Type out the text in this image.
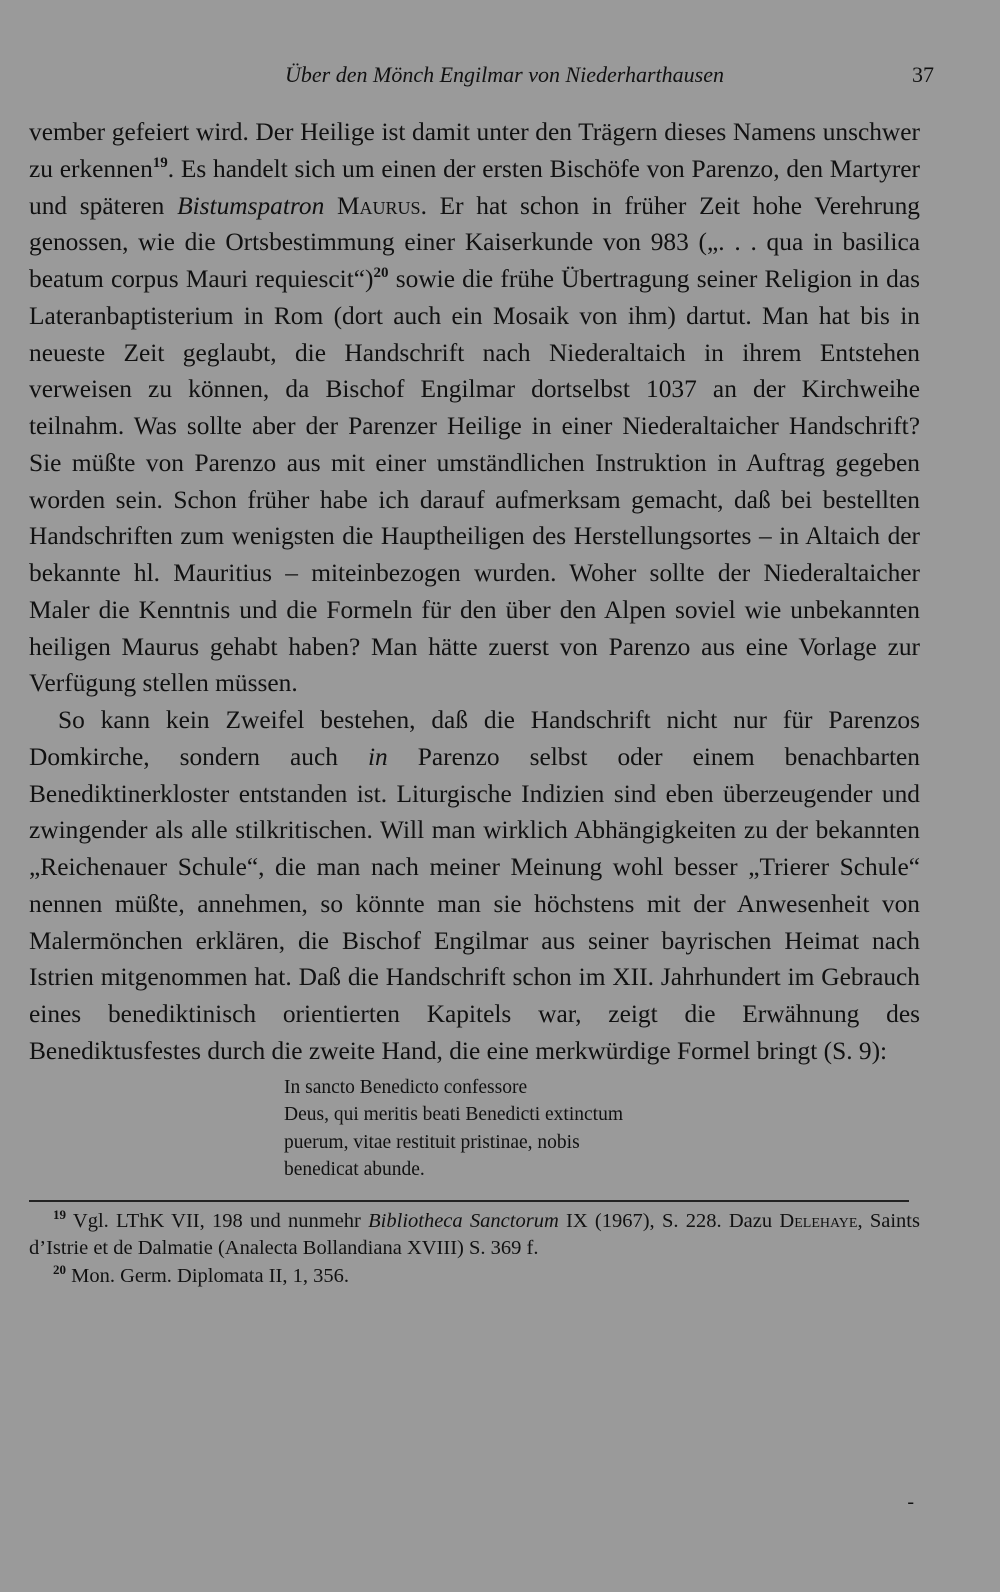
Über den Mönch Engilmar von Niederharthausen	37

vember gefeiert wird. Der Heilige ist damit unter den Trägern dieses Namens unschwer zu erkennen$^{19}$. Es handelt sich um einen der ersten Bischöfe von Parenzo, den Martyrer und späteren Bistumspatron Maurus. Er hat schon in früher Zeit hohe Verehrung genossen, wie die Ortsbestimmung einer Kaiserkunde von 983 („. . . qua in basilica beatum corpus Mauri requiescit“)$^{20}$ sowie die frühe Übertragung seiner Religion in das Lateranbaptisterium in Rom (dort auch ein Mosaik von ihm) dartut. Man hat bis in neueste Zeit geglaubt, die Handschrift nach Niederaltaich in ihrem Entstehen verweisen zu können, da Bischof Engilmar dortselbst 1037 an der Kirchweihe teilnahm. Was sollte aber der Parenzer Heilige in einer Niederaltaicher Handschrift? Sie müßte von Parenzo aus mit einer umständlichen Instruktion in Auftrag gegeben worden sein. Schon früher habe ich darauf aufmerksam gemacht, daß bei bestellten Handschriften zum wenigsten die Hauptheiligen des Herstellungsortes – in Altaich der bekannte hl. Mauritius – miteinbezogen wurden. Woher sollte der Niederaltaicher Maler die Kenntnis und die Formeln für den über den Alpen soviel wie unbekannten heiligen Maurus gehabt haben? Man hätte zuerst von Parenzo aus eine Vorlage zur Verfügung stellen müssen.

So kann kein Zweifel bestehen, daß die Handschrift nicht nur für Parenzos Domkirche, sondern auch in Parenzo selbst oder einem benachbarten Benediktinerkloster entstanden ist. Liturgische Indizien sind eben überzeugender und zwingender als alle stilkritischen. Will man wirklich Abhängigkeiten zu der bekannten „Reichenauer Schule“, die man nach meiner Meinung wohl besser „Trierer Schule“ nennen müßte, annehmen, so könnte man sie höchstens mit der Anwesenheit von Malermönchen erklären, die Bischof Engilmar aus seiner bayrischen Heimat nach Istrien mitgenommen hat. Daß die Handschrift schon im XII. Jahrhundert im Gebrauch eines benediktinisch orientierten Kapitels war, zeigt die Erwähnung des Benediktusfestes durch die zweite Hand, die eine merkwürdige Formel bringt (S. 9):

In sancto Benedicto confessore
Deus, qui meritis beati Benedicti extinctum
puerum, vitae restituit pristinae, nobis
benedicat abunde.

$^{19}$ Vgl. LThK VII, 198 und nunmehr Bibliotheca Sanctorum IX (1967), S. 228. Dazu Delehaye, Saints d’Istrie et de Dalmatie (Analecta Bollandiana XVIII) S. 369 f.

$^{20}$ Mon. Germ. Diplomata II, 1, 356.

-
